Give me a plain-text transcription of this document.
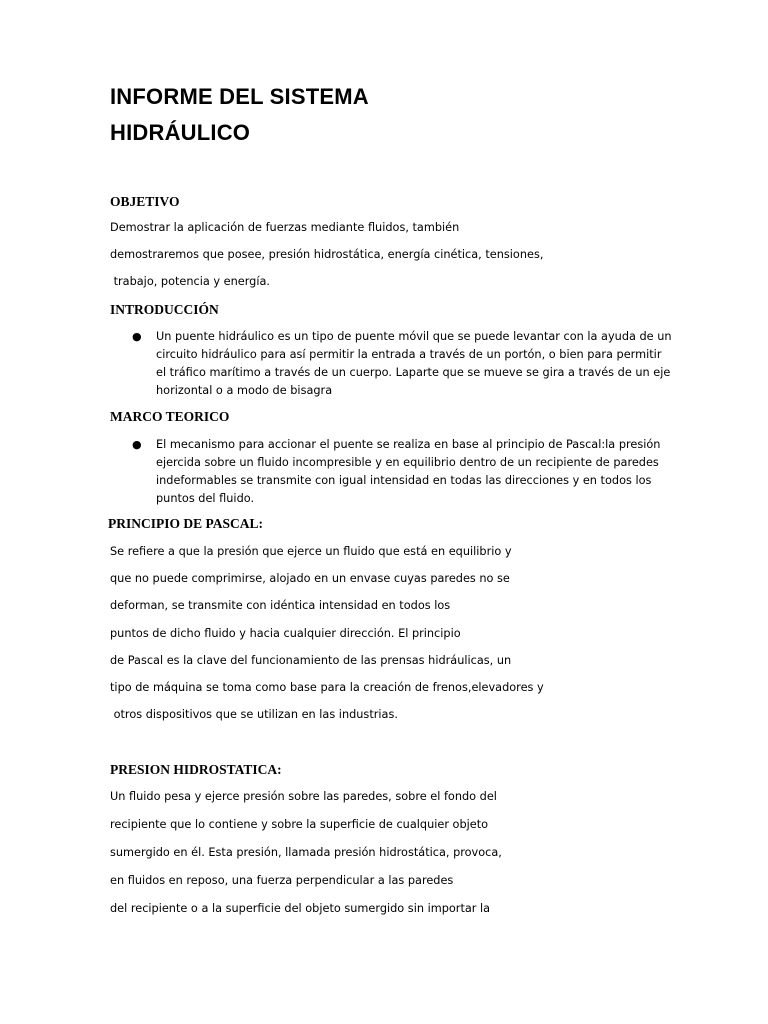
INFORME DEL SISTEMA
HIDRÁULICO
OBJETIVO

Demostrar la aplicación de fuerzas mediante fluidos, también

demostraremos que posee, presión hidrostática, energía cinética, tensiones,

trabajo, potencia y energía.

INTRODUCCIÓN
● Un puente hidráulico es un tipo de puente móvil que se puede levantar con la ayuda de un circuito hidráulico para así permitir la entrada a través de un portón, o bien para permitir el tráfico marítimo a través de un cuerpo. Laparte que se mueve se gira a través de un eje horizontal o a modo de bisagra

MARCO TEORICO
● El mecanismo para accionar el puente se realiza en base al principio de Pascal:la presión ejercida sobre un fluido incompresible y en equilibrio dentro de un recipiente de paredes indeformables se transmite con igual intensidad en todas las direcciones y en todos los puntos del fluido.

PRINCIPIO DE PASCAL:

Se refiere a que la presión que ejerce un fluido que está en equilibrio y

que no puede comprimirse, alojado en un envase cuyas paredes no se

deforman, se transmite con idéntica intensidad en todos los

puntos de dicho fluido y hacia cualquier dirección. El principio

de Pascal es la clave del funcionamiento de las prensas hidráulicas, un

tipo de máquina se toma como base para la creación de frenos,elevadores y

otros dispositivos que se utilizan en las industrias.

PRESION HIDROSTATICA:

Un fluido pesa y ejerce presión sobre las paredes, sobre el fondo del

recipiente que lo contiene y sobre la superficie de cualquier objeto

sumergido en él. Esta presión, llamada presión hidrostática, provoca,

en fluidos en reposo, una fuerza perpendicular a las paredes

del recipiente o a la superficie del objeto sumergido sin importar la
